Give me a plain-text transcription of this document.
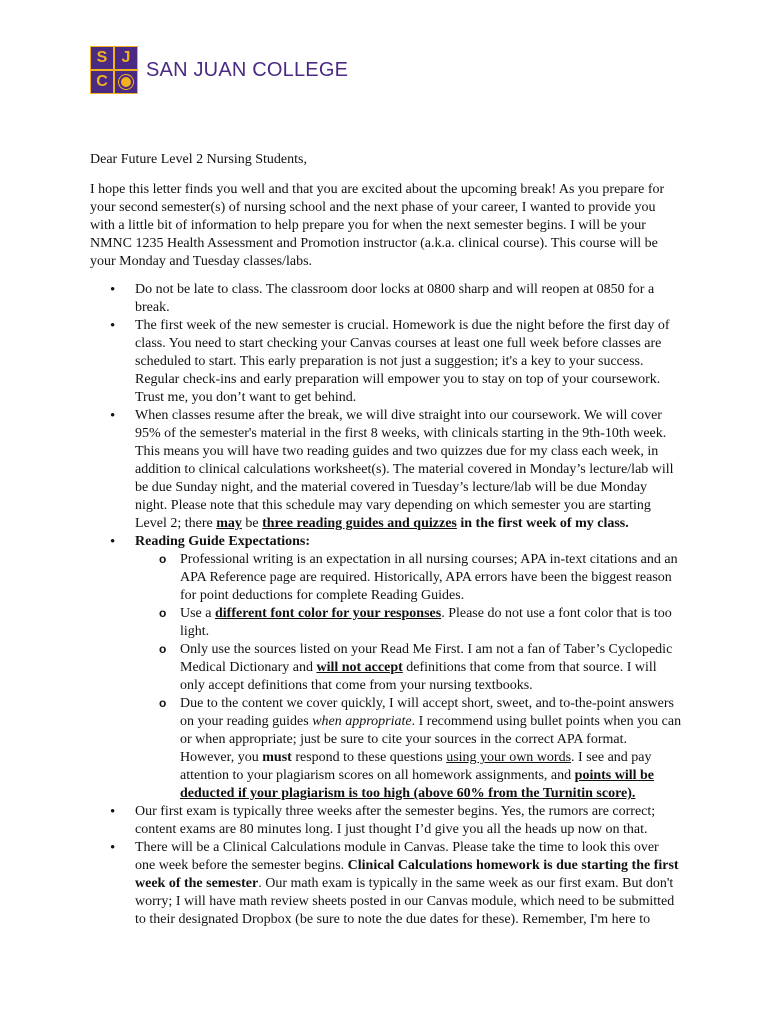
S J
C
SAN JUAN COLLEGE

Dear Future Level 2 Nursing Students,

I hope this letter finds you well and that you are excited about the upcoming break! As you prepare for your second semester(s) of nursing school and the next phase of your career, I wanted to provide you with a little bit of information to help prepare you for when the next semester begins. I will be your NMNC 1235 Health Assessment and Promotion instructor (a.k.a. clinical course). This course will be your Monday and Tuesday classes/labs.

• Do not be late to class. The classroom door locks at 0800 sharp and will reopen at 0850 for a break.
• The first week of the new semester is crucial. Homework is due the night before the first day of class. You need to start checking your Canvas courses at least one full week before classes are scheduled to start. This early preparation is not just a suggestion; it's a key to your success. Regular check-ins and early preparation will empower you to stay on top of your coursework. Trust me, you don’t want to get behind.
• When classes resume after the break, we will dive straight into our coursework. We will cover 95% of the semester's material in the first 8 weeks, with clinicals starting in the 9th-10th week. This means you will have two reading guides and two quizzes due for my class each week, in addition to clinical calculations worksheet(s). The material covered in Monday’s lecture/lab will be due Sunday night, and the material covered in Tuesday’s lecture/lab will be due Monday night. Please note that this schedule may vary depending on which semester you are starting Level 2; there may be three reading guides and quizzes in the first week of my class.
• Reading Guide Expectations:
o Professional writing is an expectation in all nursing courses; APA in-text citations and an APA Reference page are required. Historically, APA errors have been the biggest reason for point deductions for complete Reading Guides.
o Use a different font color for your responses. Please do not use a font color that is too light.
o Only use the sources listed on your Read Me First. I am not a fan of Taber’s Cyclopedic Medical Dictionary and will not accept definitions that come from that source. I will only accept definitions that come from your nursing textbooks.
o Due to the content we cover quickly, I will accept short, sweet, and to-the-point answers on your reading guides when appropriate. I recommend using bullet points when you can or when appropriate; just be sure to cite your sources in the correct APA format. However, you must respond to these questions using your own words. I see and pay attention to your plagiarism scores on all homework assignments, and points will be deducted if your plagiarism is too high (above 60% from the Turnitin score).
• Our first exam is typically three weeks after the semester begins. Yes, the rumors are correct; content exams are 80 minutes long. I just thought I’d give you all the heads up now on that.
• There will be a Clinical Calculations module in Canvas. Please take the time to look this over one week before the semester begins. Clinical Calculations homework is due starting the first week of the semester. Our math exam is typically in the same week as our first exam. But don't worry; I will have math review sheets posted in our Canvas module, which need to be submitted to their designated Dropbox (be sure to note the due dates for these). Remember, I'm here to
